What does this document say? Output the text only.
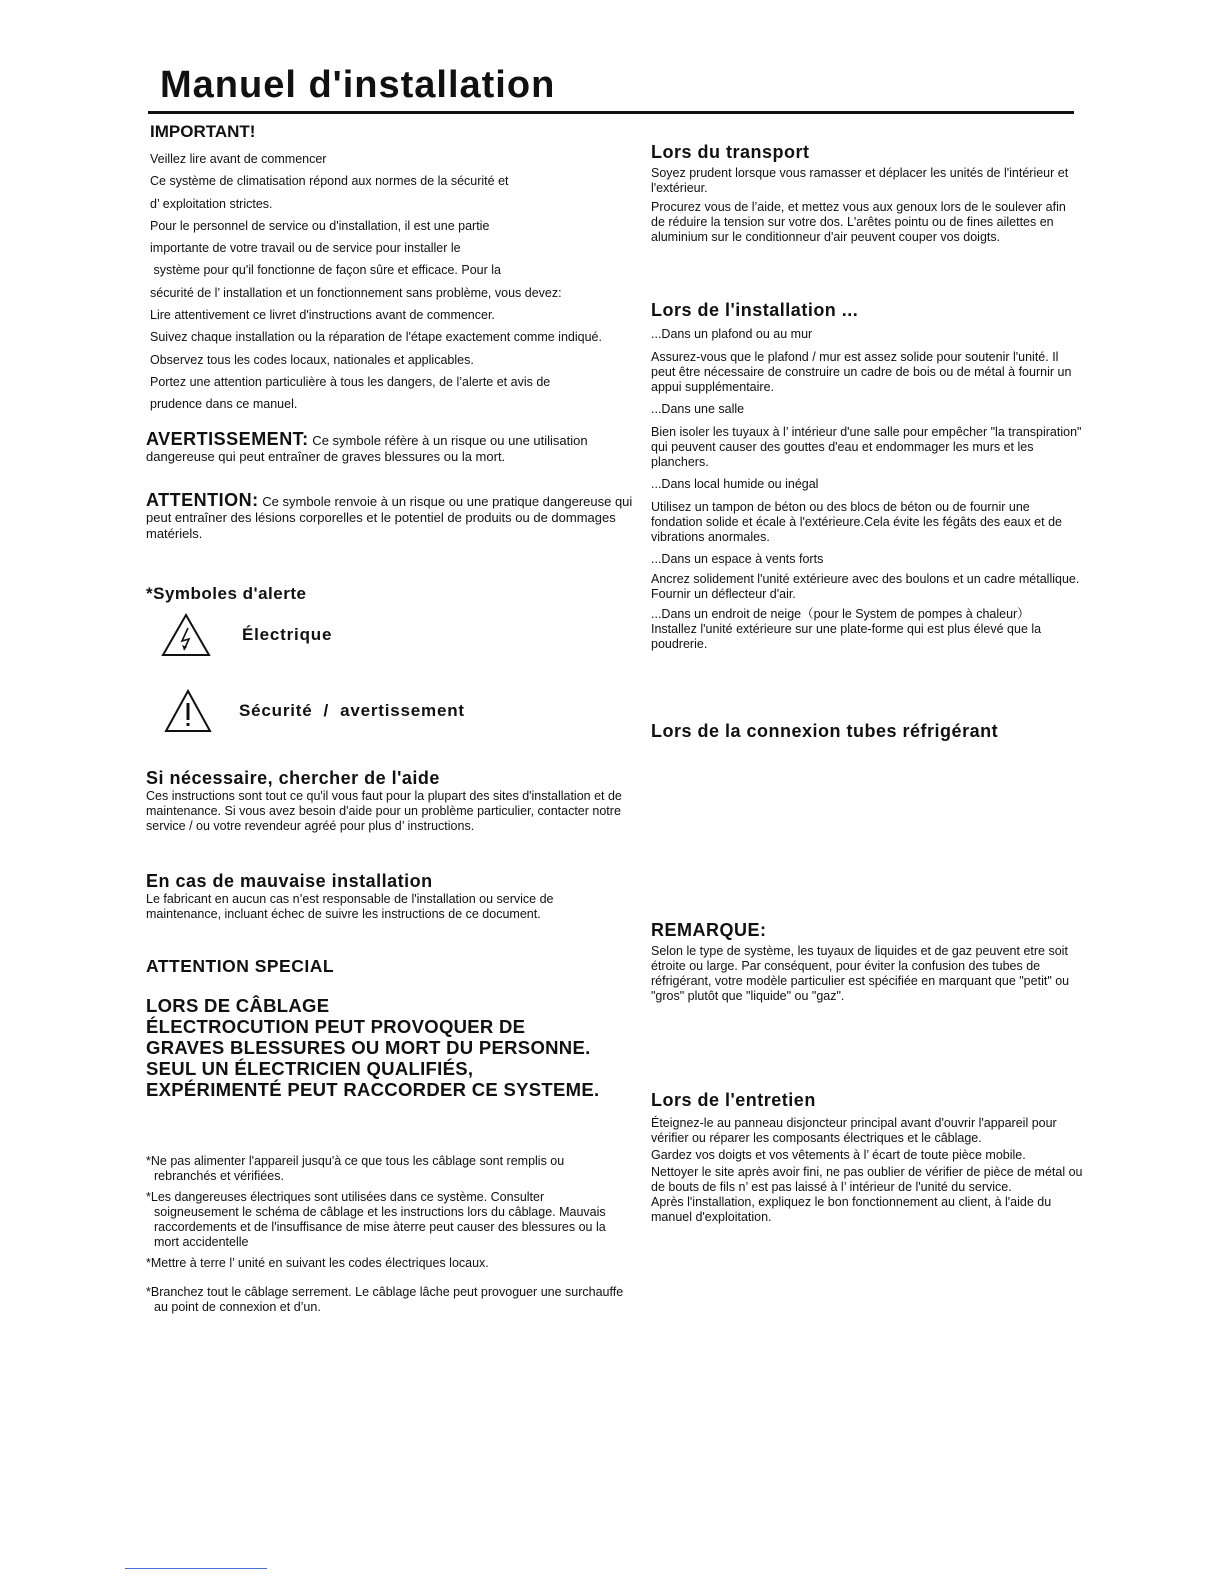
Manuel d'installation
IMPORTANT!

Veillez lire avant de commencer

Ce système de climatisation répond aux normes de la sécurité et

d’ exploitation strictes.

Pour le personnel de service ou d'installation, il est une partie

importante de votre travail ou de service pour installer le

système pour qu'il fonctionne de façon sûre et efficace. Pour la

sécurité de l’ installation et un fonctionnement sans problème, vous devez:

Lire attentivement ce livret d'instructions avant de commencer.

Suivez chaque installation ou la réparation de l'étape exactement comme indiqué.

Observez tous les codes locaux, nationales et applicables.

Portez une attention particulière à tous les dangers, de l’alerte et avis de

prudence dans ce manuel.

AVERTISSEMENT: Ce symbole réfère à un risque ou une utilisation dangereuse qui peut entraîner de graves blessures ou la mort.

ATTENTION: Ce symbole renvoie à un risque ou une pratique dangereuse qui peut entraîner des lésions corporelles et le potentiel de produits ou de dommages matériels.

*Symboles d'alerte
Électrique
Sécurité  /  avertissement
Si nécessaire, chercher de l'aide

Ces instructions sont tout ce qu'il vous faut pour la plupart des sites d'installation et de maintenance. Si vous avez besoin d'aide pour un problème particulier, contacter notre service / ou votre revendeur agréé pour plus d’ instructions.

En cas de mauvaise installation

Le fabricant en aucun cas n’est responsable de l'installation ou service de maintenance, incluant échec de suivre les instructions de ce document.

ATTENTION SPECIAL

LORS DE CÂBLAGE

ÉLECTROCUTION PEUT PROVOQUER DE

GRAVES BLESSURES OU MORT DU PERSONNE.

SEUL UN ÉLECTRICIEN QUALIFIÉS,

EXPÉRIMENTÉ PEUT RACCORDER CE SYSTEME.

*Ne pas alimenter l'appareil jusqu'à ce que tous les câblage sont remplis ou rebranchés et vérifiées.

*Les dangereuses électriques sont utilisées dans ce système. Consulter soigneusement le schéma de câblage et les instructions lors du câblage. Mauvais raccordements et de l'insuffisance de mise àterre peut causer des blessures ou la mort accidentelle

*Mettre à terre l’ unité en suivant les codes électriques locaux.

*Branchez tout le câblage serrement. Le câblage lâche peut provoguer une surchauffe au point de connexion et d’un.

Lors du transport

Soyez prudent lorsque vous ramasser et déplacer les unités de l'intérieur et l'extérieur.

Procurez vous de l’aide, et mettez vous aux genoux lors de le soulever afin de réduire la tension sur votre dos. L'arêtes pointu ou de fines ailettes en aluminium sur le conditionneur d'air peuvent couper vos doigts.

Lors de l'installation ...

...Dans un plafond ou au mur

Assurez-vous que le plafond / mur est assez solide pour soutenir l'unité. Il peut être nécessaire de construire un cadre de bois ou de métal à fournir un appui supplémentaire.

...Dans une salle

Bien isoler les tuyaux à l’ intérieur d'une salle pour empêcher "la transpiration" qui peuvent causer des gouttes d'eau et endommager les murs et les planchers.

...Dans local humide ou inégal

Utilisez un tampon de béton ou des blocs de béton ou de fournir une fondation solide et écale à l'extérieure.Cela évite les fégâts des eaux et de vibrations anormales.

...Dans un espace à vents forts

Ancrez solidement l'unité extérieure avec des boulons et un cadre métallique.

Fournir un déflecteur d'air.

...Dans un endroit de neige（pour le System de pompes à chaleur）

Installez l'unité extérieure sur une plate-forme qui est plus élevé que la poudrerie.

Lors de la connexion tubes réfrigérant
REMARQUE:

Selon le type de système, les tuyaux de liquides et de gaz peuvent etre soit étroite ou large. Par conséquent, pour éviter la confusion des tubes de réfrigérant, votre modèle particulier est spécifiée en marquant que "petit" ou "gros" plutôt que "liquide" ou "gaz".

Lors de l'entretien

Éteignez-le au panneau disjoncteur principal avant d'ouvrir l'appareil pour vérifier ou réparer les composants électriques et le câblage.

Gardez vos doigts et vos vêtements à l’ écart de toute pièce mobile.

Nettoyer le site après avoir fini, ne pas oublier de vérifier de pièce de métal ou de bouts de fils n’ est pas laissé à l’ intérieur de l'unité du service.

Après l'installation, expliquez le bon fonctionnement au client, à l'aide du manuel d'exploitation.
